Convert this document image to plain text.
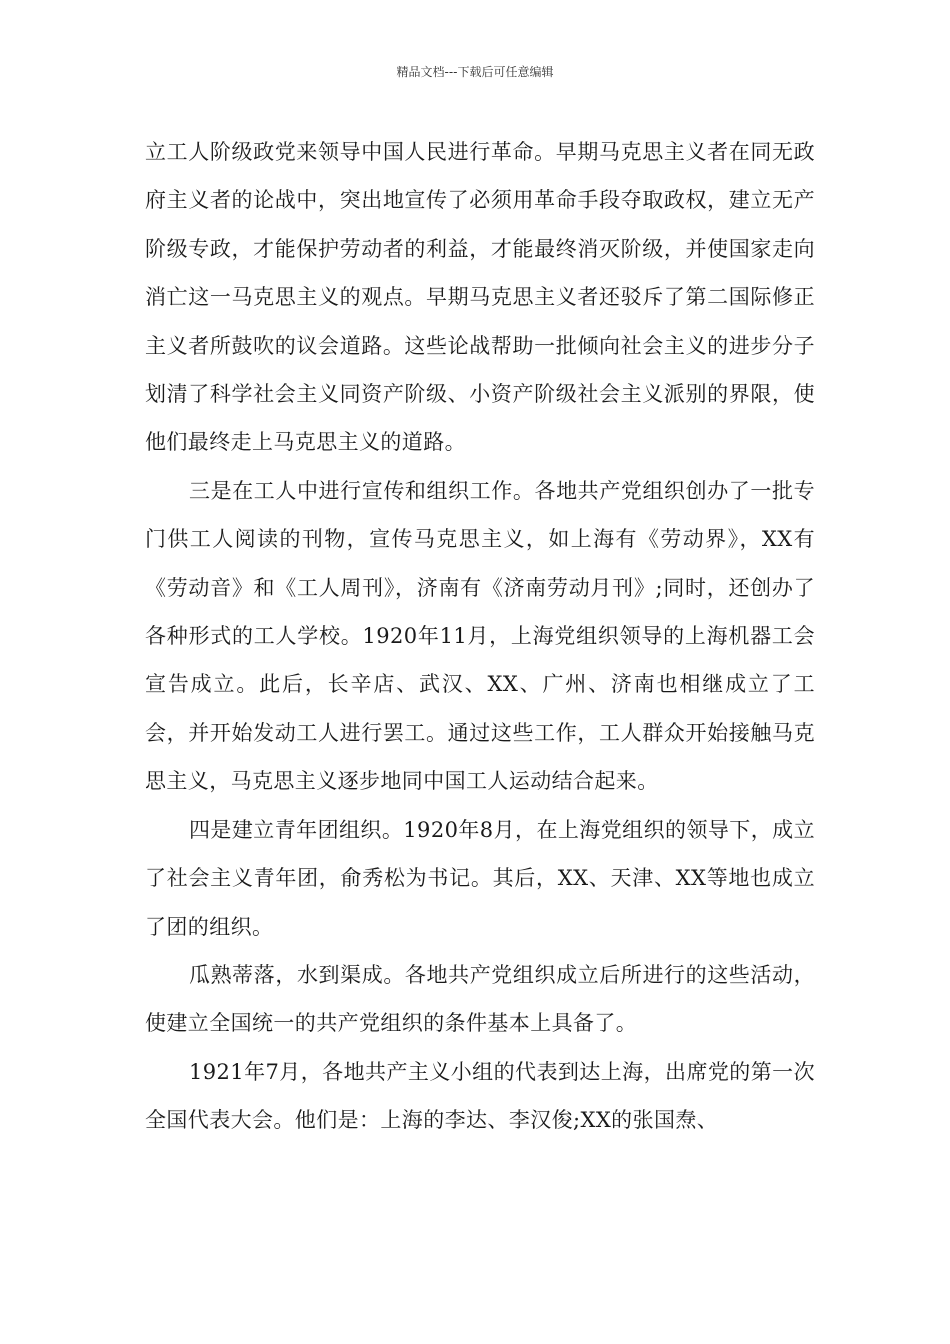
精品文档---下载后可任意编辑

立工人阶级政党来领导中国人民进行革命。早期马克思主义者在同无政府主义者的论战中，突出地宣传了必须用革命手段夺取政权，建立无产阶级专政，才能保护劳动者的利益，才能最终消灭阶级，并使国家走向消亡这一马克思主义的观点。早期马克思主义者还驳斥了第二国际修正主义者所鼓吹的议会道路。这些论战帮助一批倾向社会主义的进步分子划清了科学社会主义同资产阶级、小资产阶级社会主义派别的界限，使他们最终走上马克思主义的道路。

三是在工人中进行宣传和组织工作。各地共产党组织创办了一批专门供工人阅读的刊物，宣传马克思主义，如上海有《劳动界》，XX有《劳动音》和《工人周刊》，济南有《济南劳动月刊》;同时，还创办了各种形式的工人学校。1920年11月，上海党组织领导的上海机器工会宣告成立。此后，长辛店、武汉、XX、广州、济南也相继成立了工会，并开始发动工人进行罢工。通过这些工作，工人群众开始接触马克思主义，马克思主义逐步地同中国工人运动结合起来。

四是建立青年团组织。1920年8月，在上海党组织的领导下，成立了社会主义青年团，俞秀松为书记。其后，XX、天津、XX等地也成立了团的组织。

瓜熟蒂落，水到渠成。各地共产党组织成立后所进行的这些活动，使建立全国统一的共产党组织的条件基本上具备了。

1921年7月，各地共产主义小组的代表到达上海，出席党的第一次全国代表大会。他们是：上海的李达、李汉俊;XX的张国焘、
